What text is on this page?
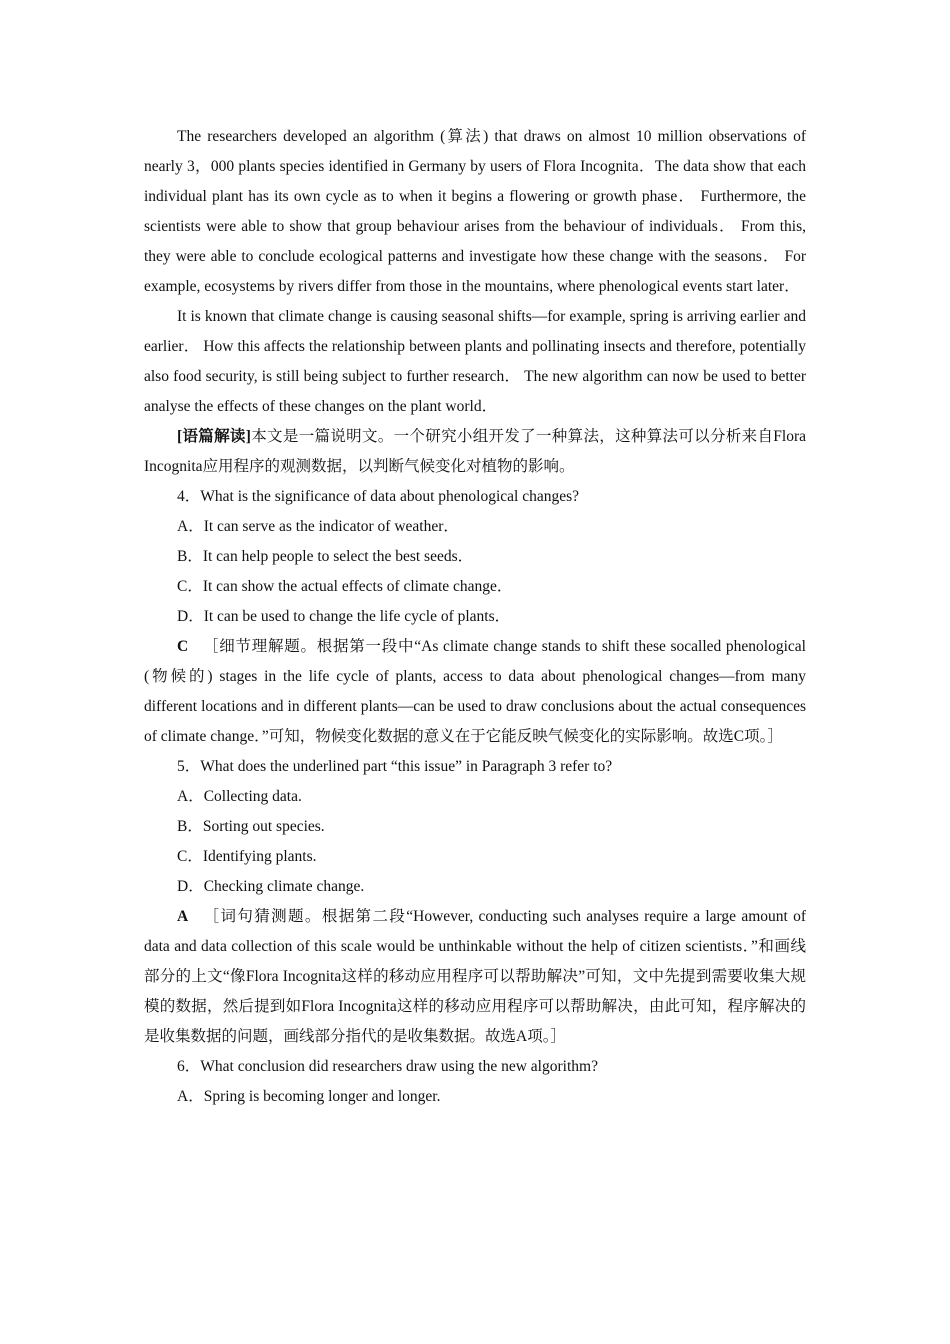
The researchers developed an algorithm (算法) that draws on almost 10 million observations of nearly 3，000 plants species identified in Germany by users of Flora Incognita．The data show that each individual plant has its own cycle as to when it begins a flowering or growth phase． Furthermore, the scientists were able to show that group behaviour arises from the behaviour of individuals． From this, they were able to conclude ecological patterns and investigate how these change with the seasons． For example, ecosystems by rivers differ from those in the mountains, where phenological events start later．

It is known that climate change is causing seasonal shifts—for example, spring is arriving earlier and earlier． How this affects the relationship between plants and pollinating insects and therefore, potentially also food security, is still being subject to further research． The new algorithm can now be used to better analyse the effects of these changes on the plant world．

[语篇解读]本文是一篇说明文。一个研究小组开发了一种算法，这种算法可以分析来自Flora Incognita应用程序的观测数据，以判断气候变化对植物的影响。

4．What is the significance of data about phenological changes?

A．It can serve as the indicator of weather．

B．It can help people to select the best seeds．

C．It can show the actual effects of climate change．

D．It can be used to change the life cycle of plants．

C ［细节理解题。根据第一段中“As climate change stands to shift these socalled phenological (物候的) stages in the life cycle of plants, access to data about phenological changes—from many different locations and in different plants—can be used to draw conclusions about the actual consequences of climate change．”可知，物候变化数据的意义在于它能反映气候变化的实际影响。故选C项。］

5．What does the underlined part “this issue” in Paragraph 3 refer to?

A．Collecting data.

B．Sorting out species.

C．Identifying plants.

D．Checking climate change.

A ［词句猜测题。根据第二段“However, conducting such analyses require a large amount of data and data collection of this scale would be unthinkable without the help of citizen scientists．”和画线部分的上文“像Flora Incognita这样的移动应用程序可以帮助解决”可知，文中先提到需要收集大规模的数据，然后提到如Flora Incognita这样的移动应用程序可以帮助解决，由此可知，程序解决的是收集数据的问题，画线部分指代的是收集数据。故选A项。］

6．What conclusion did researchers draw using the new algorithm?

A．Spring is becoming longer and longer.
